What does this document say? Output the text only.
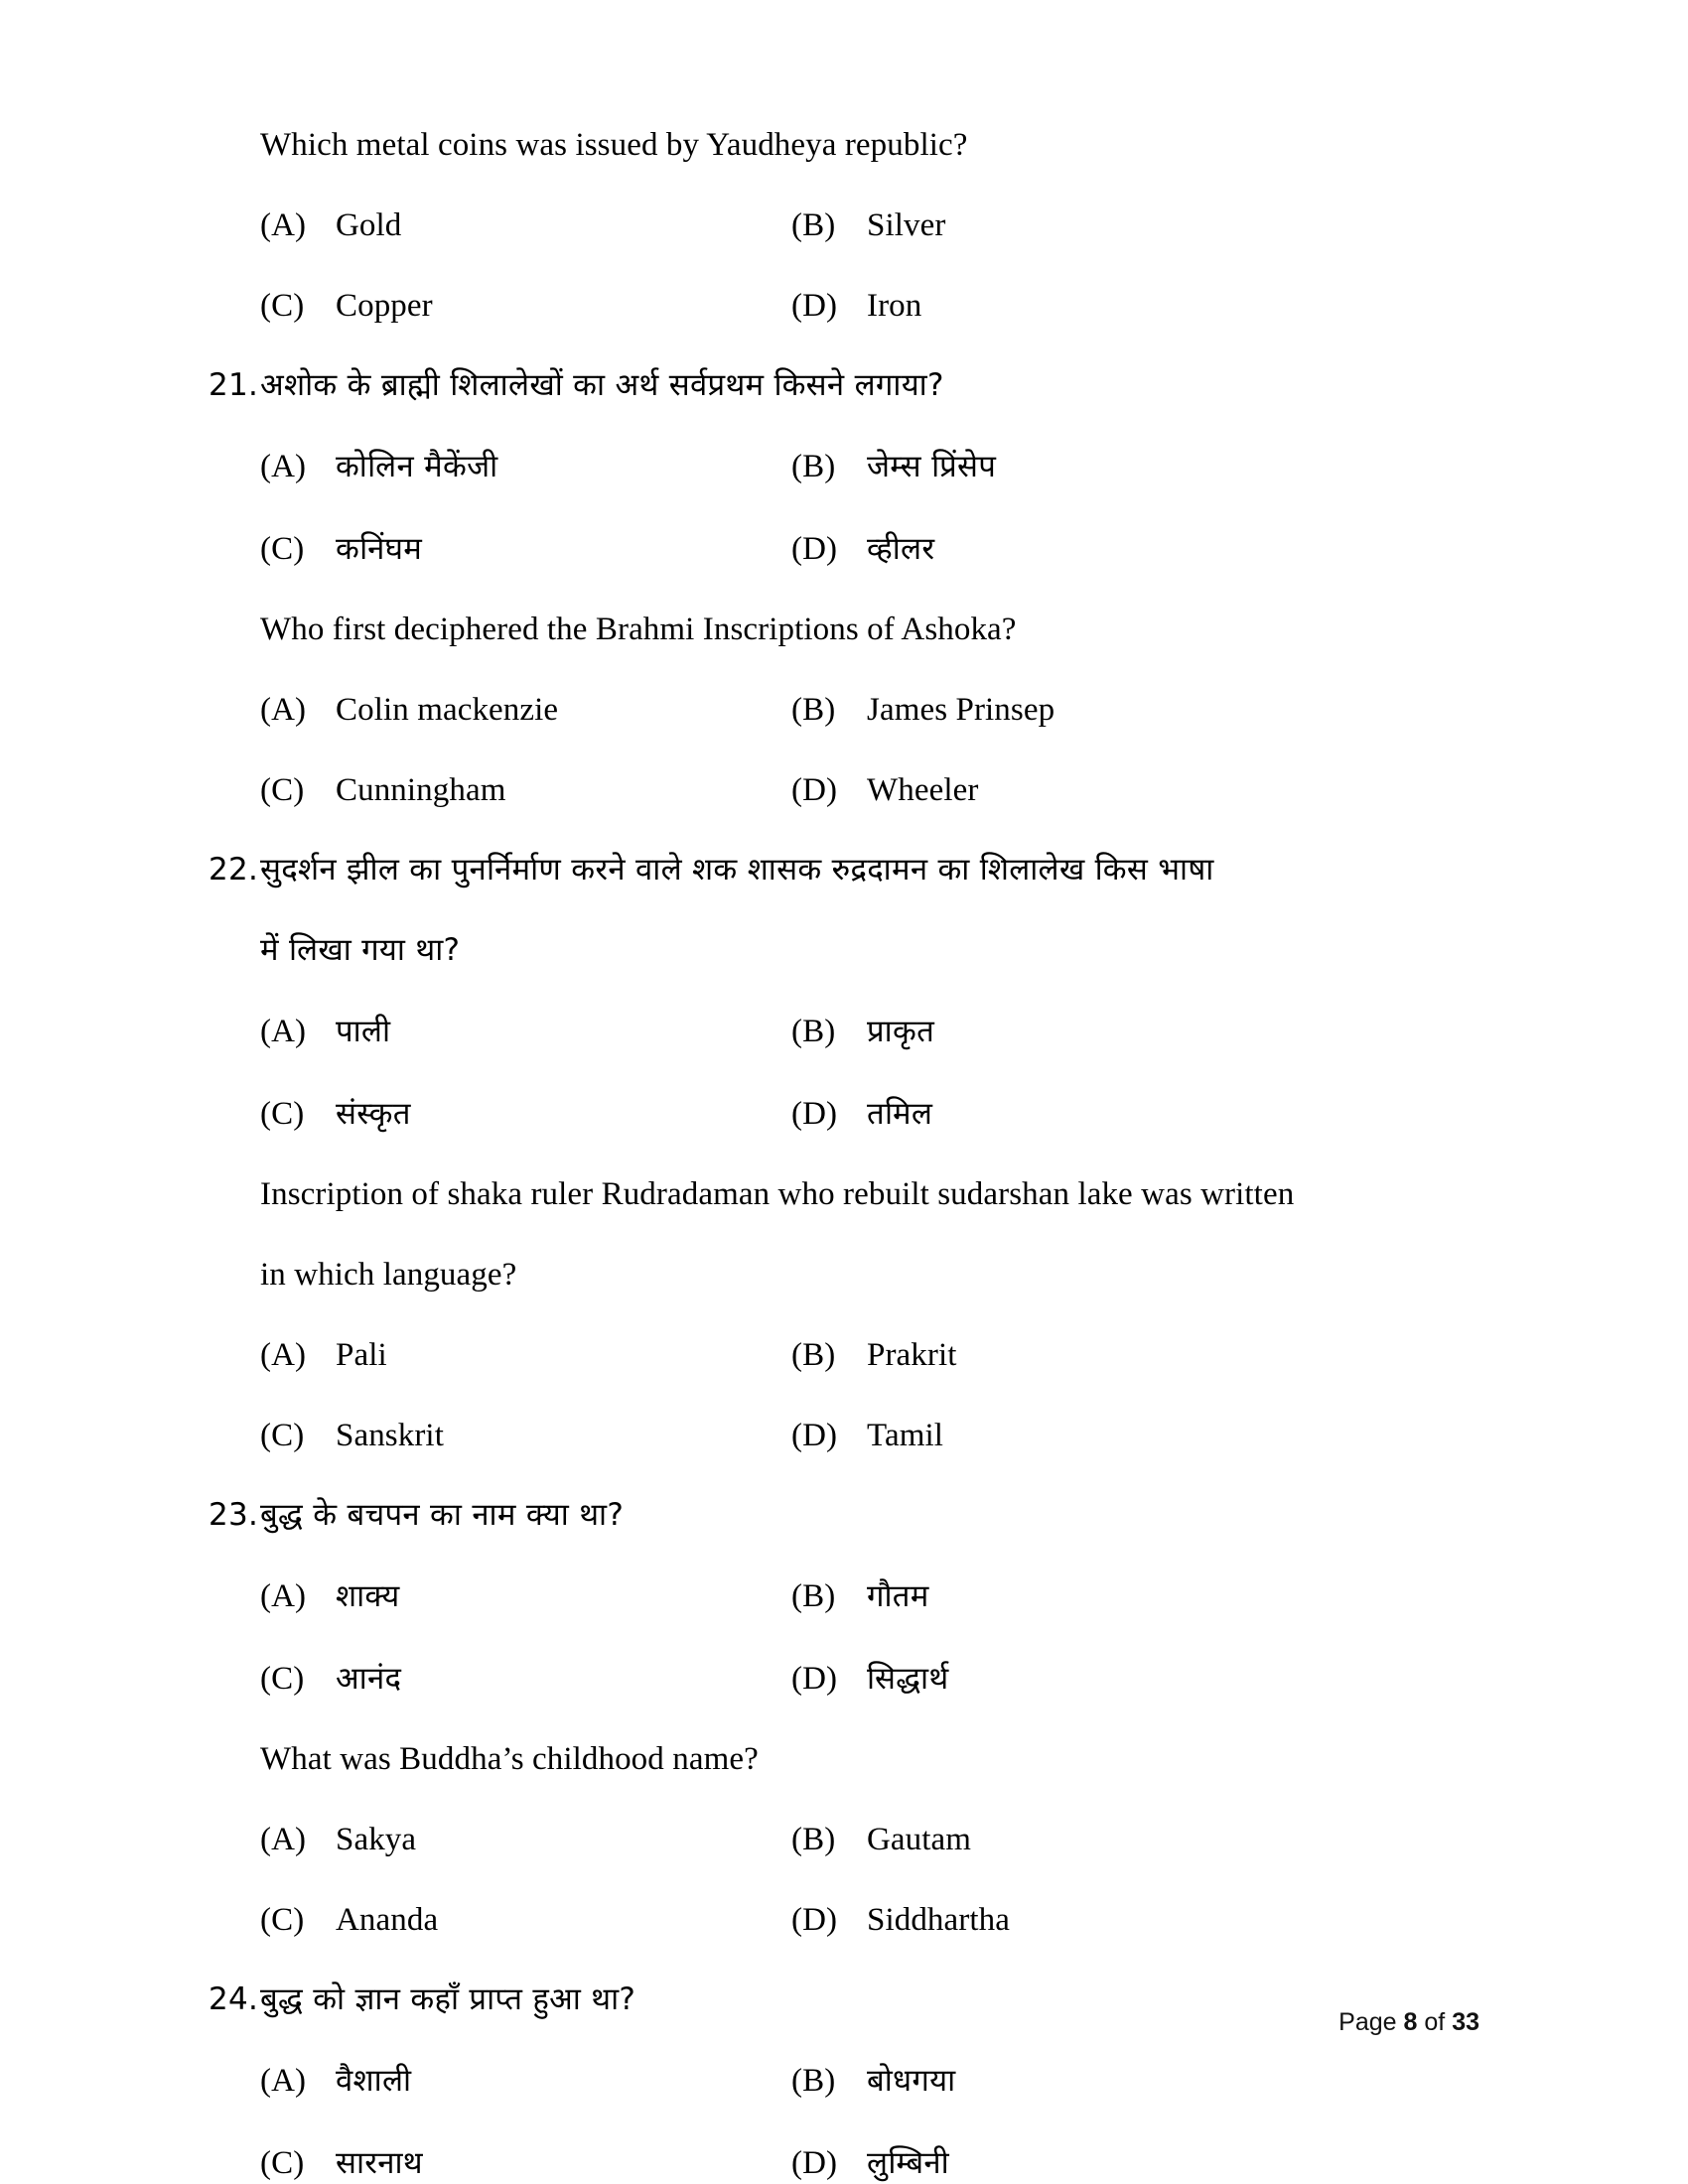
Which metal coins was issued by Yaudheya republic?
(A) Gold	(B) Silver
(C) Copper	(D) Iron
21. अशोक के ब्राह्मी शिलालेखों का अर्थ सर्वप्रथम किसने लगाया?
(A) कोलिन मैकेंजी	(B)	जेम्स प्रिंसेप
(C)	कनिंघम	(D) व्हीलर
Who first deciphered the Brahmi Inscriptions of Ashoka?
(A) Colin mackenzie	(B) James Prinsep
(C) Cunningham	(D) Wheeler
22. सुदर्शन झील का पुनर्निर्माण करने वाले शक शासक रुद्रदामन का शिलालेख किस भाषा
में लिखा गया था?
(A) पाली	(B)	प्राकृत
(C)	संस्कृत	(D) तमिल
Inscription of shaka ruler Rudradaman who rebuilt sudarshan lake was written
in which language?
(A) Pali	(B) Prakrit
(C) Sanskrit	(D) Tamil
23. बुद्ध के बचपन का नाम क्या था?
(A) शाक्य	(B)	गौतम
(C)	आनंद	(D) सिद्धार्थ
What was Buddha’s childhood name?
(A) Sakya	(B) Gautam
(C) Ananda	(D) Siddhartha
24. बुद्ध को ज्ञान कहाँ प्राप्त हुआ था?
(A) वैशाली	(B)	बोधगया
(C)	सारनाथ	(D) लुम्बिनी
Page 8 of 33
